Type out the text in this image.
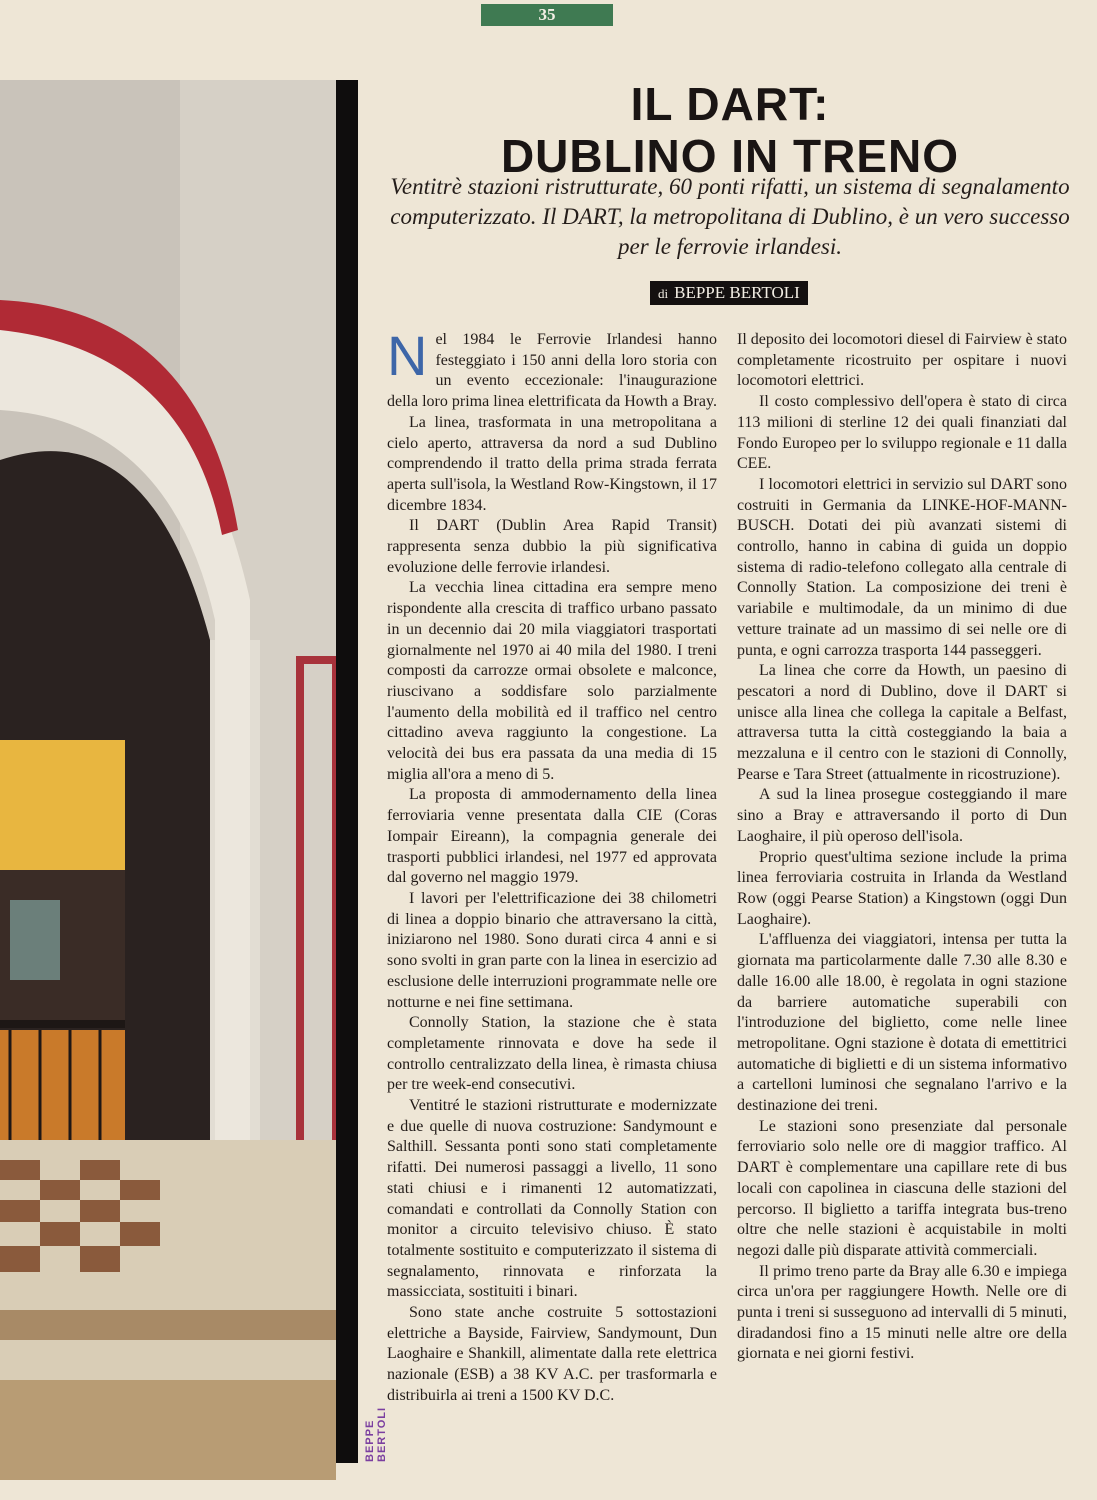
35
BEPPE BERTOLI
IL DART:
DUBLINO IN TRENO

Ventitrè stazioni ristrutturate, 60 ponti rifatti, un sistema di segnalamento computerizzato. Il DART, la metropolitana di Dublino, è un vero successo per le ferrovie irlandesi.

di BEPPE BERTOLI

Nel 1984 le Ferrovie Irlandesi hanno festeggiato i 150 anni della loro storia con un evento eccezionale: l'inaugurazione della loro prima linea elettrificata da Howth a Bray.

La linea, trasformata in una metropolitana a cielo aperto, attraversa da nord a sud Dublino comprendendo il tratto della prima strada ferrata aperta sull'isola, la Westland Row-Kingstown, il 17 dicembre 1834.

Il DART (Dublin Area Rapid Transit) rappresenta senza dubbio la più significativa evoluzione delle ferrovie irlandesi.

La vecchia linea cittadina era sempre meno rispondente alla crescita di traffico urbano passato in un decennio dai 20 mila viaggiatori trasportati giornalmente nel 1970 ai 40 mila del 1980. I treni composti da carrozze ormai obsolete e malconce, riuscivano a soddisfare solo parzialmente l'aumento della mobilità ed il traffico nel centro cittadino aveva raggiunto la congestione. La velocità dei bus era passata da una media di 15 miglia all'ora a meno di 5.

La proposta di ammodernamento della linea ferroviaria venne presentata dalla CIE (Coras Iompair Eireann), la compagnia generale dei trasporti pubblici irlandesi, nel 1977 ed approvata dal governo nel maggio 1979.

I lavori per l'elettrificazione dei 38 chilometri di linea a doppio binario che attraversano la città, iniziarono nel 1980. Sono durati circa 4 anni e si sono svolti in gran parte con la linea in esercizio ad esclusione delle interruzioni programmate nelle ore notturne e nei fine settimana.

Connolly Station, la stazione che è stata completamente rinnovata e dove ha sede il controllo centralizzato della linea, è rimasta chiusa per tre week-end consecutivi.

Ventitré le stazioni ristrutturate e modernizzate e due quelle di nuova costruzione: Sandymount e Salthill. Sessanta ponti sono stati completamente rifatti. Dei numerosi passaggi a livello, 11 sono stati chiusi e i rimanenti 12 automatizzati, comandati e controllati da Connolly Station con monitor a circuito televisivo chiuso. È stato totalmente sostituito e computerizzato il sistema di segnalamento, rinnovata e rinforzata la massicciata, sostituiti i binari.

Sono state anche costruite 5 sottostazioni elettriche a Bayside, Fairview, Sandymount, Dun Laoghaire e Shankill, alimentate dalla rete elettrica nazionale (ESB) a 38 KV A.C. per trasformarla e distribuirla ai treni a 1500 KV D.C.

Il deposito dei locomotori diesel di Fairview è stato completamente ricostruito per ospitare i nuovi locomotori elettrici.

Il costo complessivo dell'opera è stato di circa 113 milioni di sterline 12 dei quali finanziati dal Fondo Europeo per lo sviluppo regionale e 11 dalla CEE.

I locomotori elettrici in servizio sul DART sono costruiti in Germania da LINKE-HOF-MANN-BUSCH. Dotati dei più avanzati sistemi di controllo, hanno in cabina di guida un doppio sistema di radio-telefono collegato alla centrale di Connolly Station. La composizione dei treni è variabile e multimodale, da un minimo di due vetture trainate ad un massimo di sei nelle ore di punta, e ogni carrozza trasporta 144 passeggeri.

La linea che corre da Howth, un paesino di pescatori a nord di Dublino, dove il DART si unisce alla linea che collega la capitale a Belfast, attraversa tutta la città costeggiando la baia a mezzaluna e il centro con le stazioni di Connolly, Pearse e Tara Street (attualmente in ricostruzione).

A sud la linea prosegue costeggiando il mare sino a Bray e attraversando il porto di Dun Laoghaire, il più operoso dell'isola.

Proprio quest'ultima sezione include la prima linea ferroviaria costruita in Irlanda da Westland Row (oggi Pearse Station) a Kingstown (oggi Dun Laoghaire).

L'affluenza dei viaggiatori, intensa per tutta la giornata ma particolarmente dalle 7.30 alle 8.30 e dalle 16.00 alle 18.00, è regolata in ogni stazione da barriere automatiche superabili con l'introduzione del biglietto, come nelle linee metropolitane. Ogni stazione è dotata di emettitrici automatiche di biglietti e di un sistema informativo a cartelloni luminosi che segnalano l'arrivo e la destinazione dei treni.

Le stazioni sono presenziate dal personale ferroviario solo nelle ore di maggior traffico. Al DART è complementare una capillare rete di bus locali con capolinea in ciascuna delle stazioni del percorso. Il biglietto a tariffa integrata bus-treno oltre che nelle stazioni è acquistabile in molti negozi dalle più disparate attività commerciali.

Il primo treno parte da Bray alle 6.30 e impiega circa un'ora per raggiungere Howth. Nelle ore di punta i treni si susseguono ad intervalli di 5 minuti, diradandosi fino a 15 minuti nelle altre ore della giornata e nei giorni festivi.
